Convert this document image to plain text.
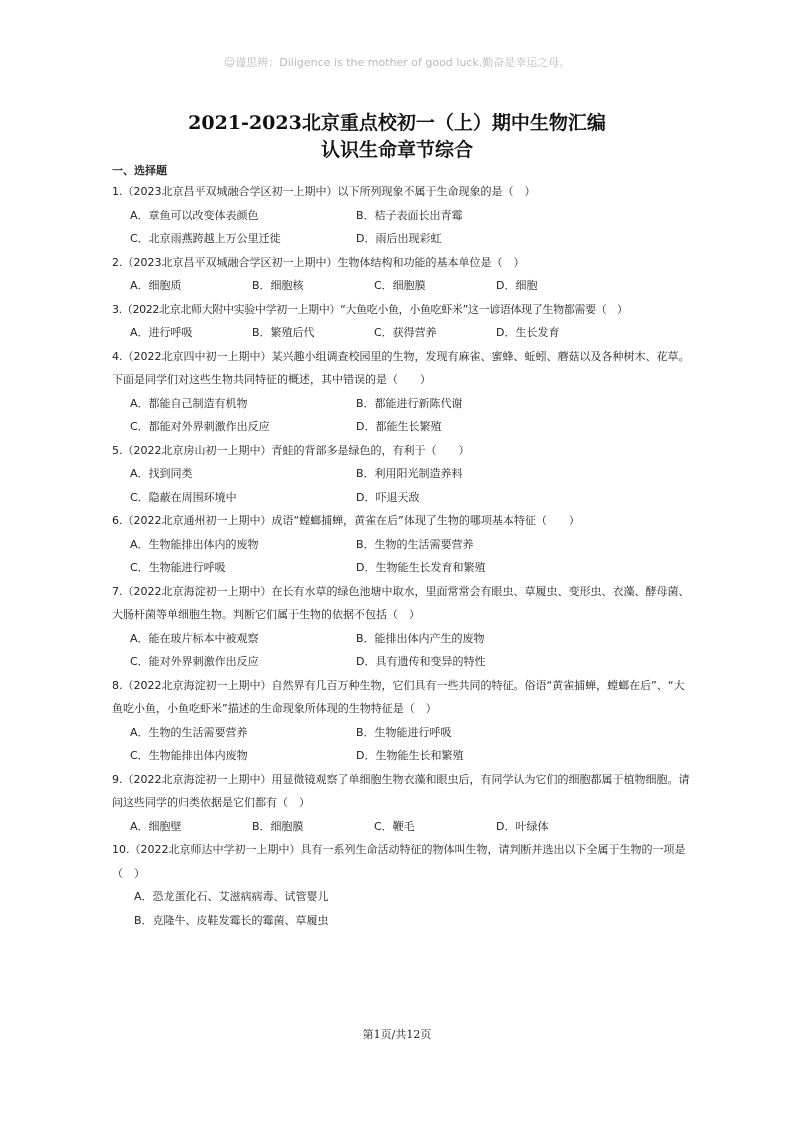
☺谨思辨：Diligence is the mother of good luck.勤奋是幸运之母。

2021-2023北京重点校初一（上）期中生物汇编

认识生命章节综合

一、选择题

1.（2023北京昌平双城融合学区初一上期中）以下所列现象不属于生命现象的是（　）

A．章鱼可以改变体表颜色	B．桔子表面长出青霉
C．北京雨燕跨越上万公里迁徙	D．雨后出现彩虹

2.（2023北京昌平双城融合学区初一上期中）生物体结构和功能的基本单位是（　）

A．细胞质	B．细胞核	C．细胞膜	D．细胞

3.（2022北京北师大附中实验中学初一上期中）“大鱼吃小鱼，小鱼吃虾米”这一谚语体现了生物都需要（　）

A．进行呼吸	B．繁殖后代	C．获得营养	D．生长发育

4.（2022北京四中初一上期中）某兴趣小组调查校园里的生物，发现有麻雀、蜜蜂、蚯蚓、蘑菇以及各种树木、花草。下面是同学们对这些生物共同特征的概述，其中错误的是（　　）

A．都能自己制造有机物	B．都能进行新陈代谢
C．都能对外界刺激作出反应	D．都能生长繁殖

5.（2022北京房山初一上期中）青蛙的背部多是绿色的，有利于（　　）

A．找到同类	B．利用阳光制造养料
C．隐蔽在周围环境中	D．吓退天敌

6.（2022北京通州初一上期中）成语“螳螂捕蝉，黄雀在后”体现了生物的哪项基本特征（　　）

A．生物能排出体内的废物	B．生物的生活需要营养
C．生物能进行呼吸	D．生物能生长发育和繁殖

7.（2022北京海淀初一上期中）在长有水草的绿色池塘中取水，里面常常会有眼虫、草履虫、变形虫、衣藻、酵母菌、大肠杆菌等单细胞生物。判断它们属于生物的依据不包括（　）

A．能在玻片标本中被观察	B．能排出体内产生的废物
C．能对外界刺激作出反应	D．具有遗传和变异的特性

8.（2022北京海淀初一上期中）自然界有几百万种生物，它们具有一些共同的特征。俗语“黄雀捕蝉，螳螂在后”、“大鱼吃小鱼，小鱼吃虾米”描述的生命现象所体现的生物特征是（　）

A．生物的生活需要营养	B．生物能进行呼吸
C．生物能排出体内废物	D．生物能生长和繁殖

9.（2022北京海淀初一上期中）用显微镜观察了单细胞生物衣藻和眼虫后，有同学认为它们的细胞都属于植物细胞。请问这些同学的归类依据是它们都有（　）

A．细胞壁	B．细胞膜	C．鞭毛	D．叶绿体

10.（2022北京师达中学初一上期中）具有一系列生命活动特征的物体叫生物，请判断并选出以下全属于生物的一项是（　）

A．恐龙蛋化石、艾滋病病毒、试管婴儿
B．克隆牛、皮鞋发霉长的霉菌、草履虫
第1页/共12页
